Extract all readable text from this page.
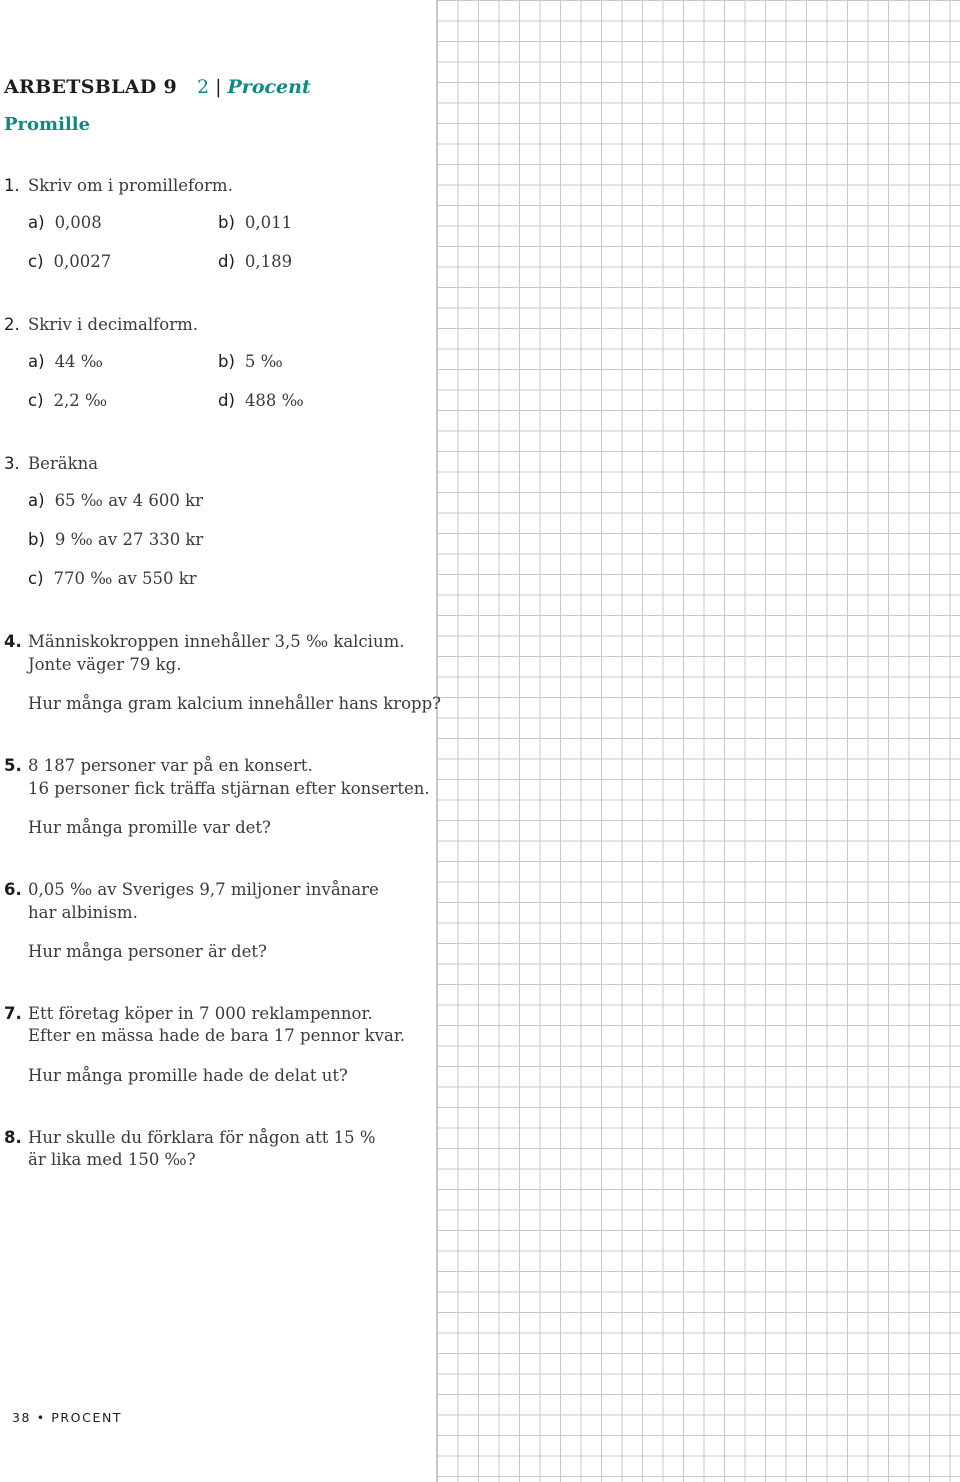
ARBETSBLAD 9 2 | Procent
Promille
1. Skriv om i promilleform.
a) 0,008	b) 0,011
c) 0,0027	d) 0,189
2. Skriv i decimalform.
a) 44 ‰	b) 5 ‰
c) 2,2 ‰	d) 488 ‰
3. Beräkna
a) 65 ‰ av 4 600 kr
b) 9 ‰ av 27 330 kr
c) 770 ‰ av 550 kr
4. Människokroppen innehåller 3,5 ‰ kalcium.
Jonte väger 79 kg.
Hur många gram kalcium innehåller hans kropp?
5. 8 187 personer var på en konsert.
16 personer fick träffa stjärnan efter konserten.
Hur många promille var det?
6. 0,05 ‰ av Sveriges 9,7 miljoner invånare
har albinism.
Hur många personer är det?
7. Ett företag köper in 7 000 reklampennor.
Efter en mässa hade de bara 17 pennor kvar.
Hur många promille hade de delat ut?
8. Hur skulle du förklara för någon att 15 %
är lika med 150 ‰?
38 • PROCENT
